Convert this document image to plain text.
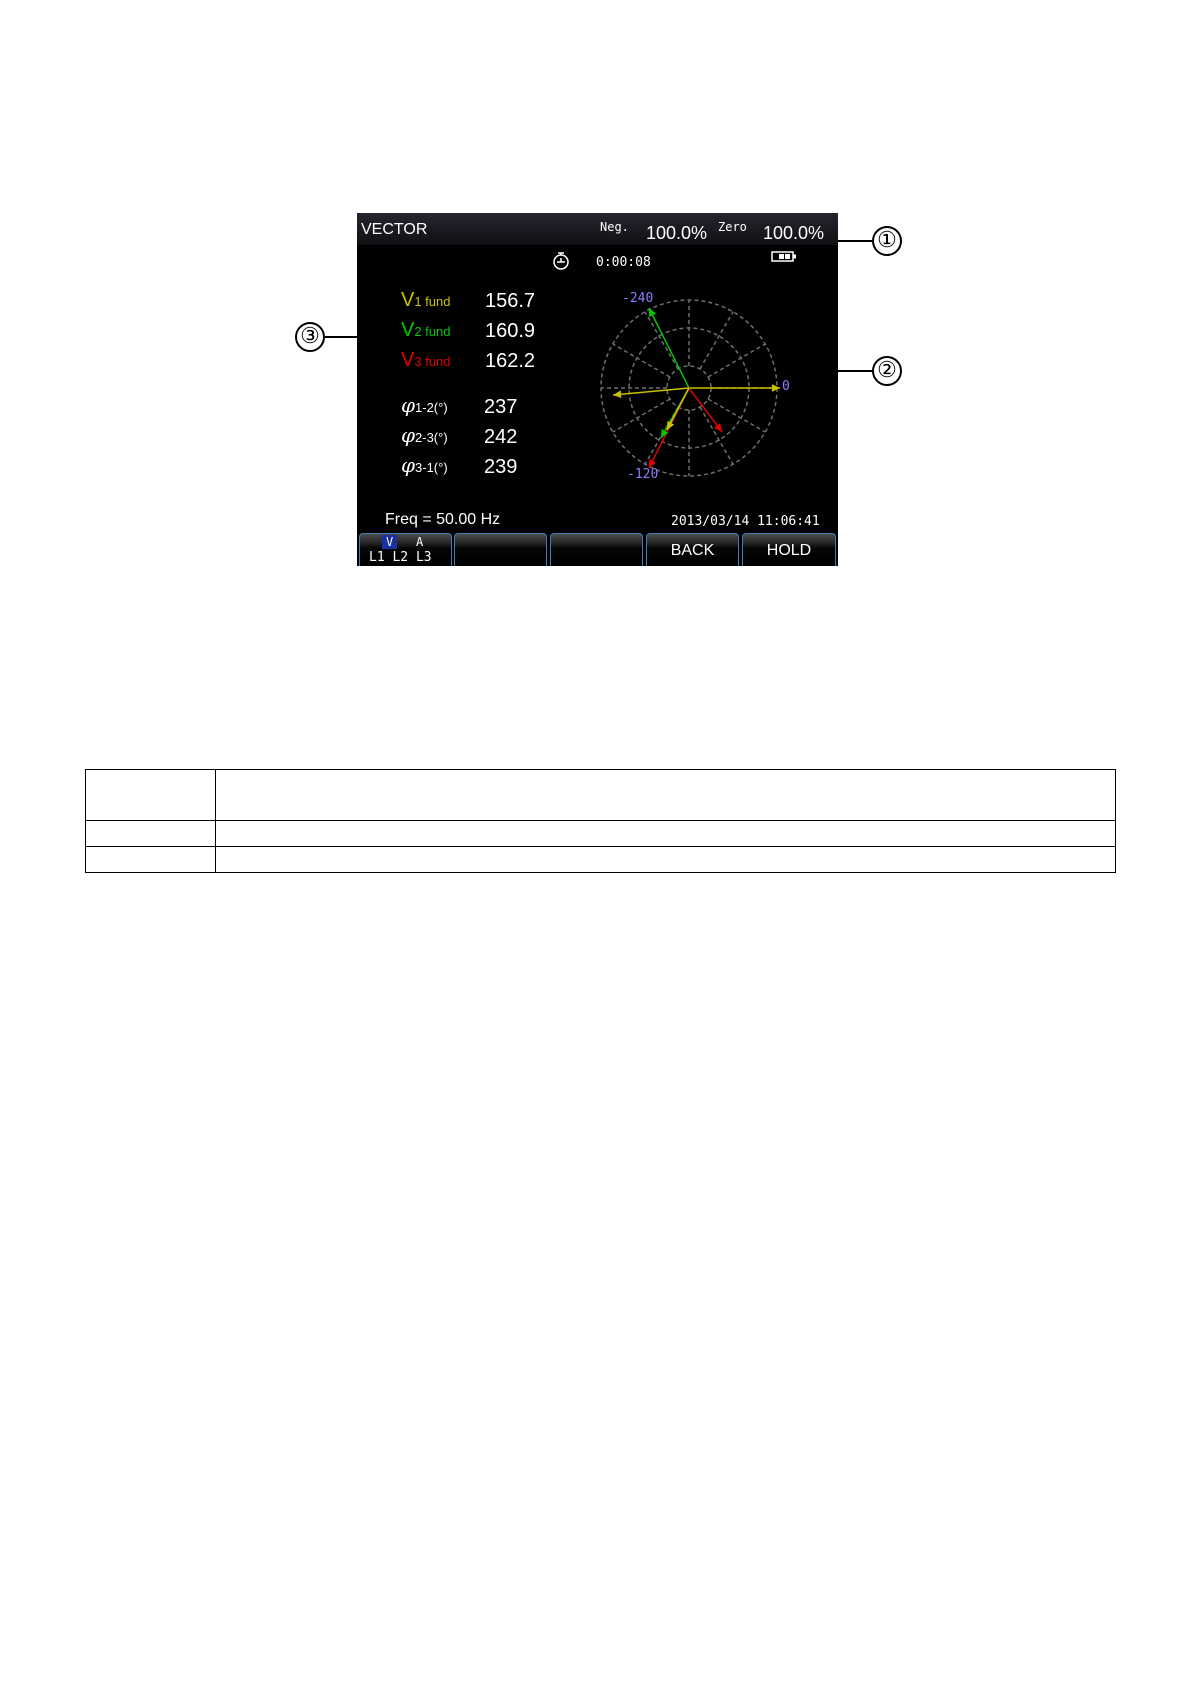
VECTOR	Neg. 100.0% Zero 100.0%
0:00:08
V1 fund 156.7
V2 fund 160.9
V3 fund 162.2
φ1-2(°) 237
φ2-3(°) 242
φ3-1(°) 239
-240
0
-120
Freq = 50.00 Hz	2013/03/14 11:06:41
V	A
L1 L2 L3	BACK	HOLD
①
②
③
